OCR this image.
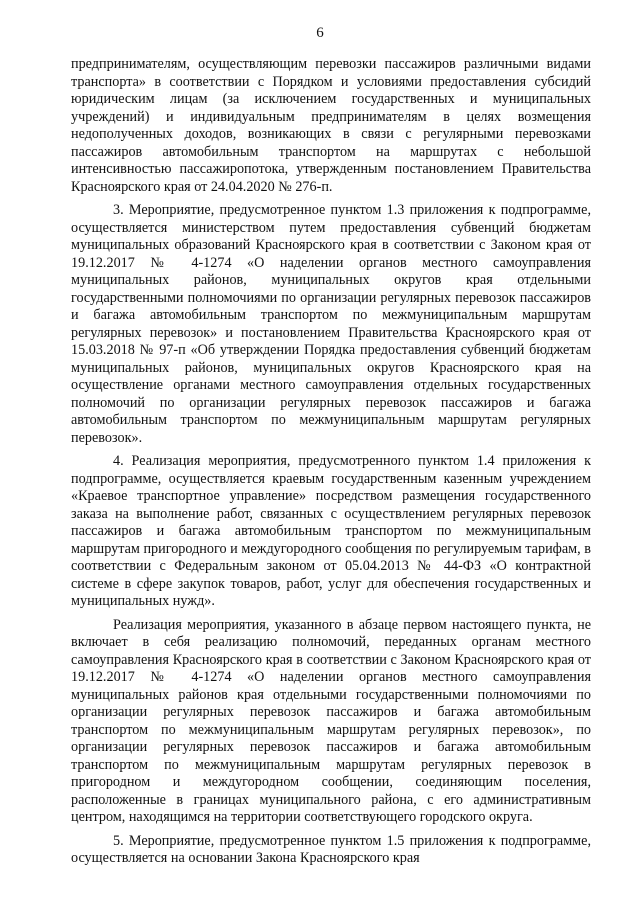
6

предпринимателям, осуществляющим перевозки пассажиров различными видами транспорта» в соответствии с Порядком и условиями предоставления субсидий юридическим лицам (за исключением государственных и муниципальных учреждений) и индивидуальным предпринимателям в целях возмещения недополученных доходов, возникающих в связи с регулярными перевозками пассажиров автомобильным транспортом на маршрутах с небольшой интенсивностью пассажиропотока, утвержденным постановлением Правительства Красноярского края от 24.04.2020 № 276-п.

3. Мероприятие, предусмотренное пунктом 1.3 приложения к подпрограмме, осуществляется министерством путем предоставления субвенций бюджетам муниципальных образований Красноярского края в соответствии с Законом края от 19.12.2017 № 4-1274 «О наделении органов местного самоуправления муниципальных районов, муниципальных округов края отдельными государственными полномочиями по организации регулярных перевозок пассажиров и багажа автомобильным транспортом по межмуниципальным маршрутам регулярных перевозок» и постановлением Правительства Красноярского края от 15.03.2018 № 97-п «Об утверждении Порядка предоставления субвенций бюджетам муниципальных районов, муниципальных округов Красноярского края на осуществление органами местного самоуправления отдельных государственных полномочий по организации регулярных перевозок пассажиров и багажа автомобильным транспортом по межмуниципальным маршрутам регулярных перевозок».

4. Реализация мероприятия, предусмотренного пунктом 1.4 приложения к подпрограмме, осуществляется краевым государственным казенным учреждением «Краевое транспортное управление» посредством размещения государственного заказа на выполнение работ, связанных с осуществлением регулярных перевозок пассажиров и багажа автомобильным транспортом по межмуниципальным маршрутам пригородного и междугородного сообщения по регулируемым тарифам, в соответствии с Федеральным законом от 05.04.2013 № 44-ФЗ «О контрактной системе в сфере закупок товаров, работ, услуг для обеспечения государственных и муниципальных нужд».

Реализация мероприятия, указанного в абзаце первом настоящего пункта, не включает в себя реализацию полномочий, переданных органам местного самоуправления Красноярского края в соответствии с Законом Красноярского края от 19.12.2017 № 4-1274 «О наделении органов местного самоуправления муниципальных районов края отдельными государственными полномочиями по организации регулярных перевозок пассажиров и багажа автомобильным транспортом по межмуниципальным маршрутам регулярных перевозок», по организации регулярных перевозок пассажиров и багажа автомобильным транспортом по межмуниципальным маршрутам регулярных перевозок в пригородном и междугородном сообщении, соединяющим поселения, расположенные в границах муниципального района, с его административным центром, находящимся на территории соответствующего городского округа.

5. Мероприятие, предусмотренное пунктом 1.5 приложения к подпрограмме, осуществляется на основании Закона Красноярского края
